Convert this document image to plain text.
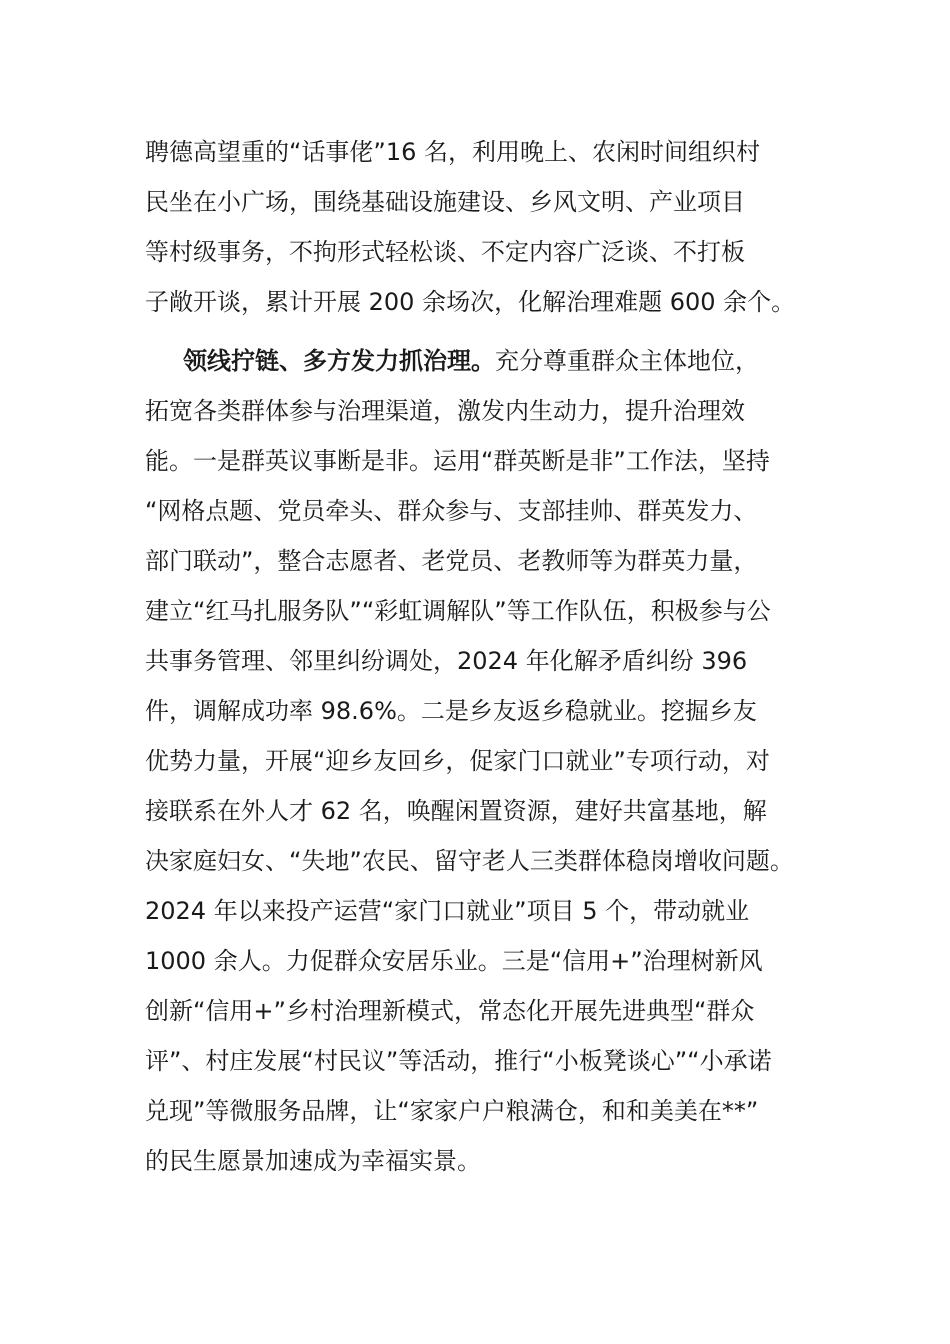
聘德高望重的“话事佬”16 名，利用晚上、农闲时间组织村
民坐在小广场，围绕基础设施建设、乡风文明、产业项目
等村级事务，不拘形式轻松谈、不定内容广泛谈、不打板
子敞开谈，累计开展 200 余场次，化解治理难题 600 余个。
领线拧链、多方发力抓治理。充分尊重群众主体地位，
拓宽各类群体参与治理渠道，激发内生动力，提升治理效
能。一是群英议事断是非。运用“群英断是非”工作法，坚持
“网格点题、党员牵头、群众参与、支部挂帅、群英发力、
部门联动”，整合志愿者、老党员、老教师等为群英力量，
建立“红马扎服务队”“彩虹调解队”等工作队伍，积极参与公
共事务管理、邻里纠纷调处，2024 年化解矛盾纠纷 396
件，调解成功率 98.6%。二是乡友返乡稳就业。挖掘乡友
优势力量，开展“迎乡友回乡，促家门口就业”专项行动，对
接联系在外人才 62 名，唤醒闲置资源，建好共富基地，解
决家庭妇女、“失地”农民、留守老人三类群体稳岗增收问题。
2024 年以来投产运营“家门口就业”项目 5 个，带动就业
1000 余人。力促群众安居乐业。三是“信用+”治理树新风
创新“信用+”乡村治理新模式，常态化开展先进典型“群众
评”、村庄发展“村民议”等活动，推行“小板凳谈心”“小承诺
兑现”等微服务品牌，让“家家户户粮满仓，和和美美在**”
的民生愿景加速成为幸福实景。
